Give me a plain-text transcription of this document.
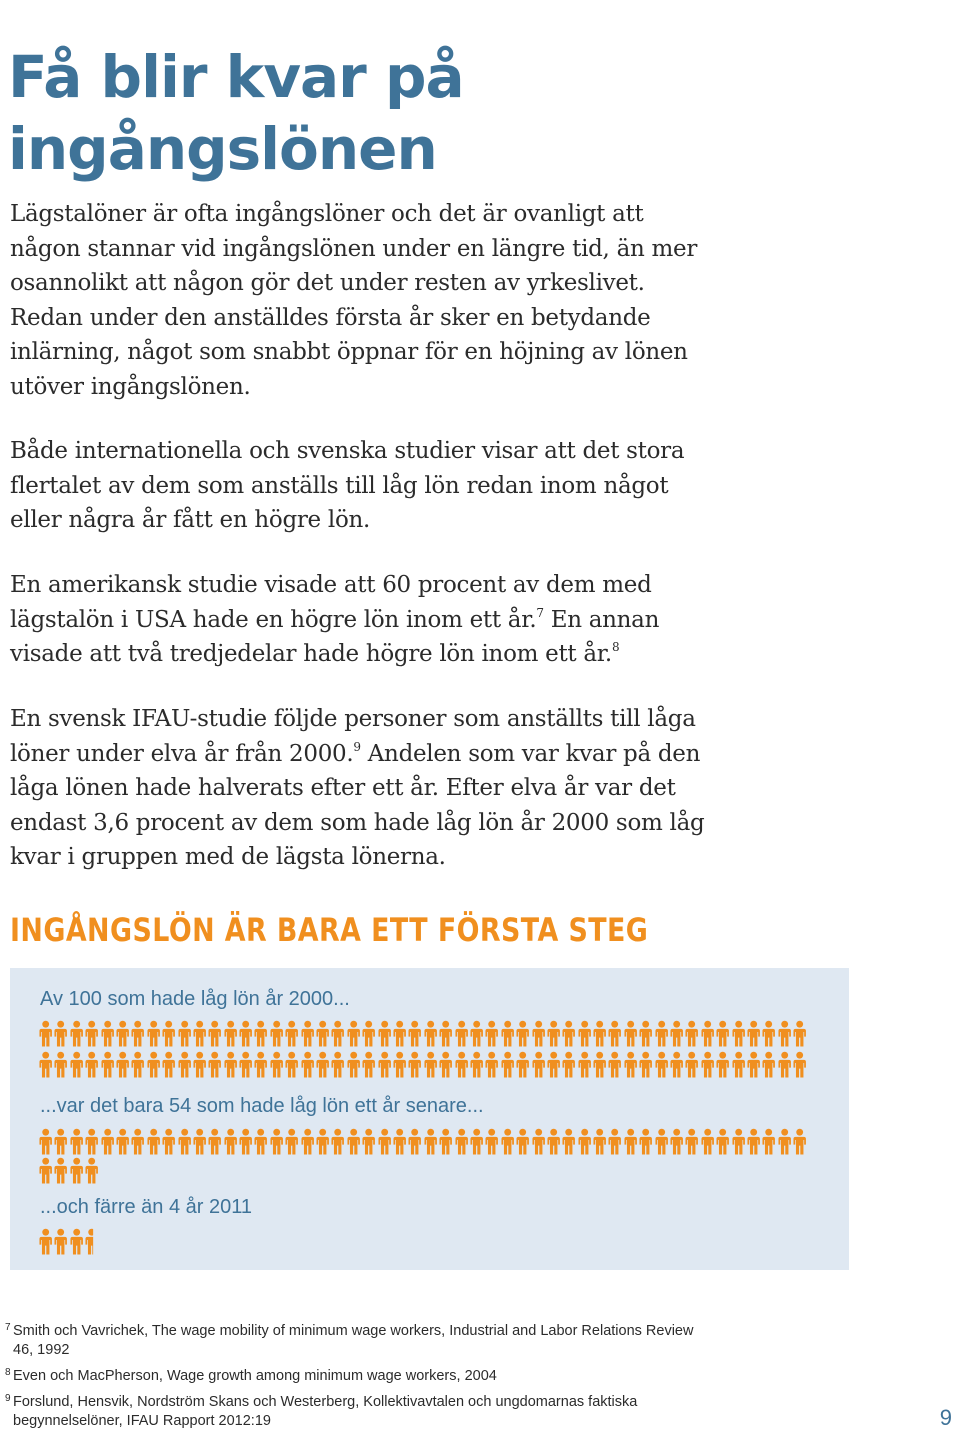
Få blir kvar på ingångslönen

Lägstalöner är ofta ingångslöner och det är ovanligt att någon stannar vid ingångslönen under en längre tid, än mer osannolikt att någon gör det under resten av yrkeslivet. Redan under den anställdes första år sker en betydande inlärning, något som snabbt öppnar för en höjning av lönen utöver ingångslönen.

Både internationella och svenska studier visar att det stora flertalet av dem som anställs till låg lön redan inom något eller några år fått en högre lön.

En amerikansk studie visade att 60 procent av dem med lägstalön i USA hade en högre lön inom ett år.$^7$ En annan visade att två tredjedelar hade högre lön inom ett år.$^8$

En svensk IFAU-studie följde personer som anställts till låga löner under elva år från 2000.$^9$ Andelen som var kvar på den låga lönen hade halverats efter ett år. Efter elva år var det endast 3,6 procent av dem som hade låg lön år 2000 som låg kvar i gruppen med de lägsta lönerna.

INGÅNGSLÖN ÄR BARA ETT FÖRSTA STEG
Av 100 som hade låg lön år 2000...
...var det bara 54 som hade låg lön ett år senare...
...och färre än 4 år 2011
7 Smith och Vavrichek, The wage mobility of minimum wage workers, Industrial and Labor Relations Review 46, 1992
8 Even och MacPherson, Wage growth among minimum wage workers, 2004
9 Forslund, Hensvik, Nordström Skans och Westerberg, Kollektivavtalen och ungdomarnas faktiska begynnelselöner, IFAU Rapport 2012:19	9
